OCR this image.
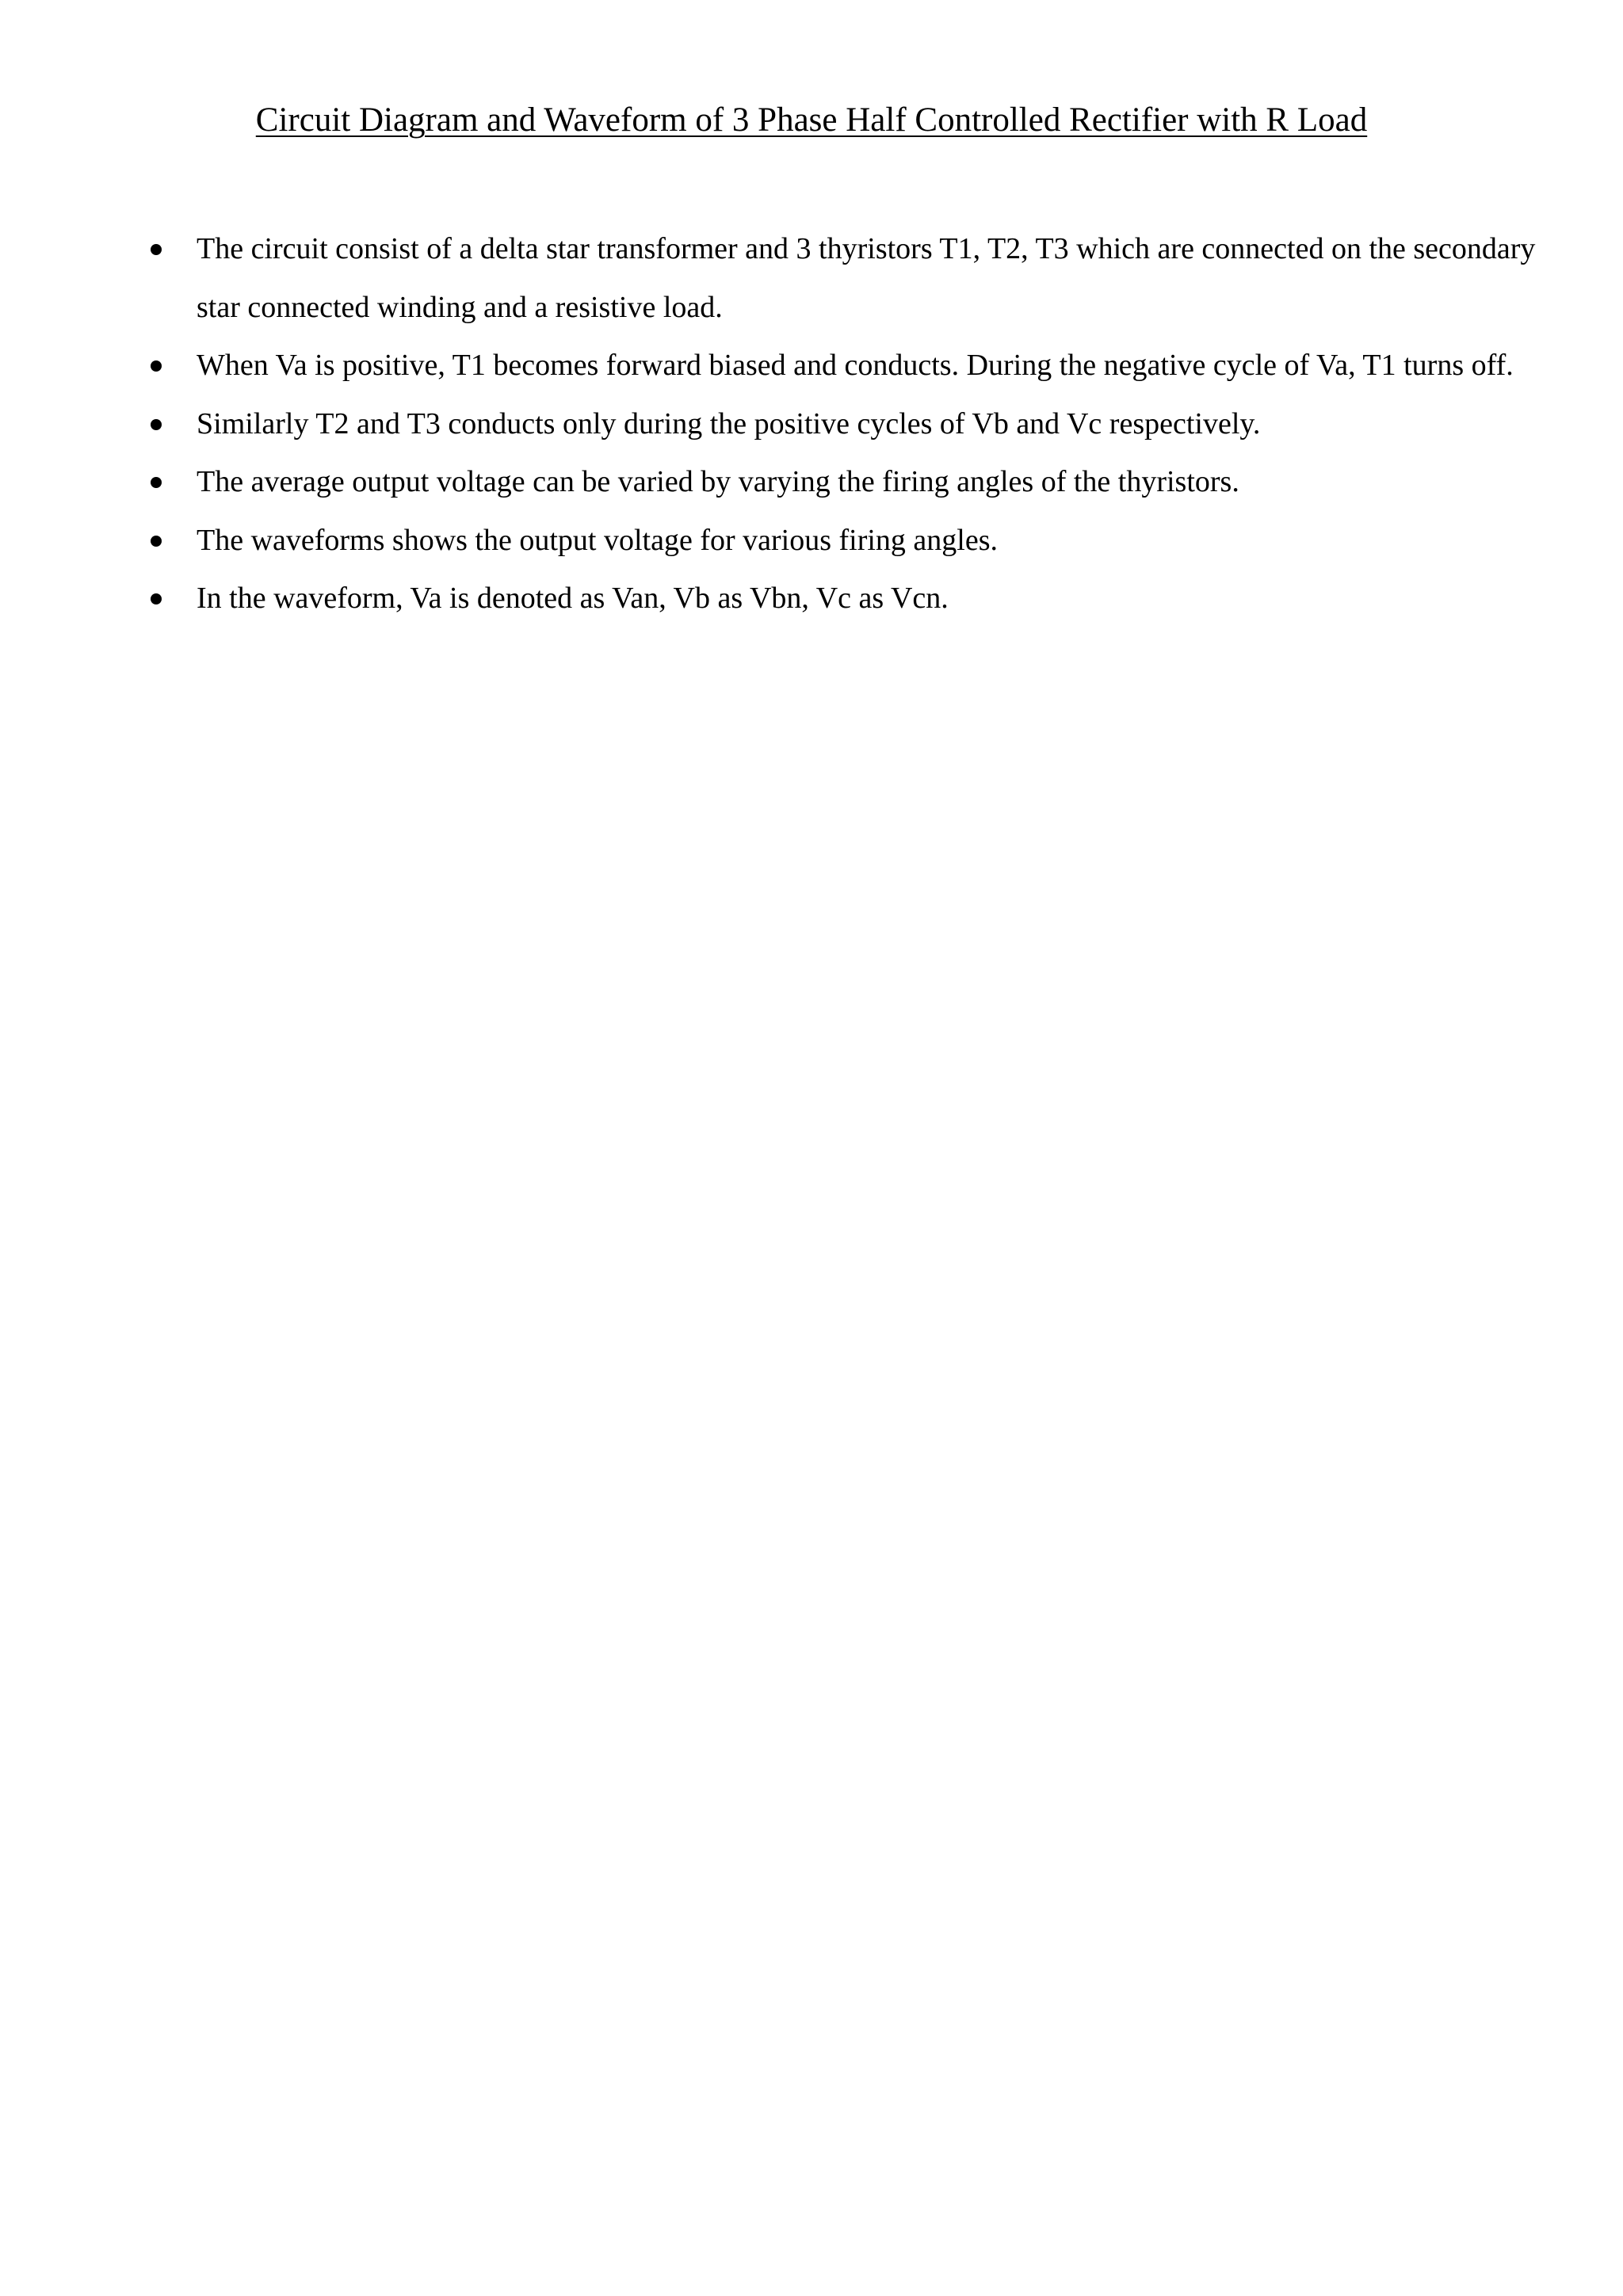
Circuit Diagram and Waveform of 3 Phase Half Controlled Rectifier with R Load
The circuit consist of a delta star transformer and 3 thyristors T1, T2, T3 which are connected on the secondary star connected winding and a resistive load.
When Va is positive, T1 becomes forward biased and conducts. During the negative cycle of Va, T1 turns off.
Similarly T2 and T3 conducts only during the positive cycles of Vb and Vc respectively.
The average output voltage can be varied by varying the firing angles of the thyristors.
The waveforms shows the output voltage for various firing angles.
In the waveform, Va is denoted as Van, Vb as Vbn, Vc as Vcn.
